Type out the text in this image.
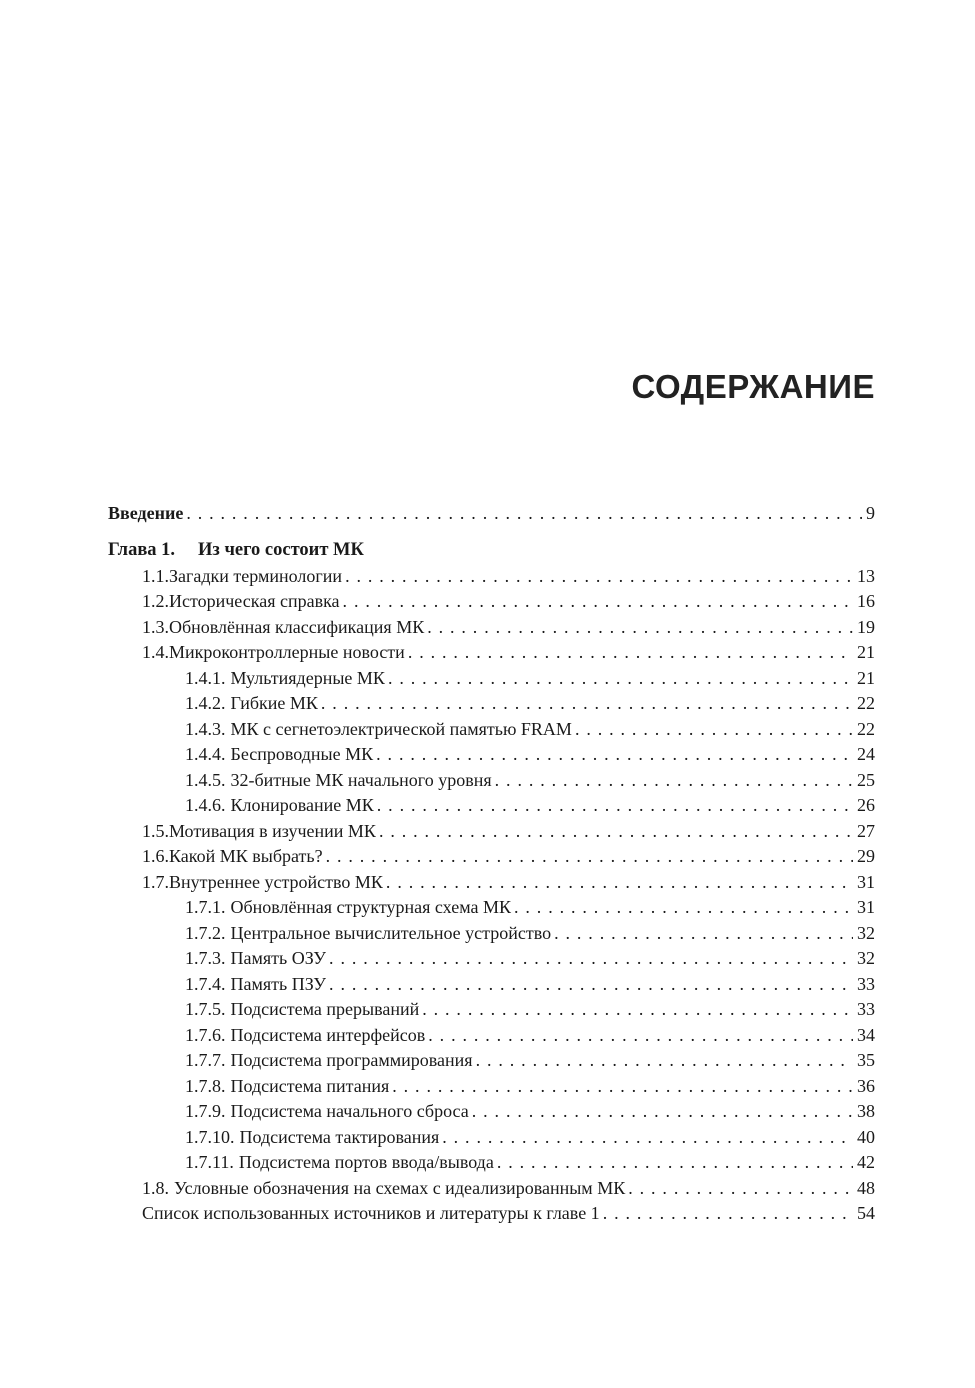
СОДЕРЖАНИЕ
Введение . . .	9
Глава 1.	Из чего состоит МК
1.1. Загадки терминологии . . .	13
1.2. Историческая справка . . .	16
1.3. Обновлённая классификация МК . . .	19
1.4. Микроконтроллерные новости . . .	21
1.4.1. Мультиядерные МК . . .	21
1.4.2. Гибкие МК . . .	22
1.4.3. МК с сегнетоэлектрической памятью FRAM . . .	22
1.4.4. Беспроводные МК . . .	24
1.4.5. 32-битные МК начального уровня . . .	25
1.4.6. Клонирование МК . . .	26
1.5. Мотивация в изучении МК . . .	27
1.6. Какой МК выбрать? . . .	29
1.7. Внутреннее устройство МК . . .	31
1.7.1. Обновлённая структурная схема МК . . .	31
1.7.2. Центральное вычислительное устройство . . .	32
1.7.3. Память ОЗУ . . .	32
1.7.4. Память ПЗУ . . .	33
1.7.5. Подсистема прерываний . . .	33
1.7.6. Подсистема интерфейсов . . .	34
1.7.7. Подсистема программирования . . .	35
1.7.8. Подсистема питания . . .	36
1.7.9. Подсистема начального сброса . . .	38
1.7.10. Подсистема тактирования . . .	40
1.7.11. Подсистема портов ввода/вывода . . .	42
1.8. Условные обозначения на схемах с идеализированным МК . . .	48
Список использованных источников и литературы к главе 1 . . .	54
